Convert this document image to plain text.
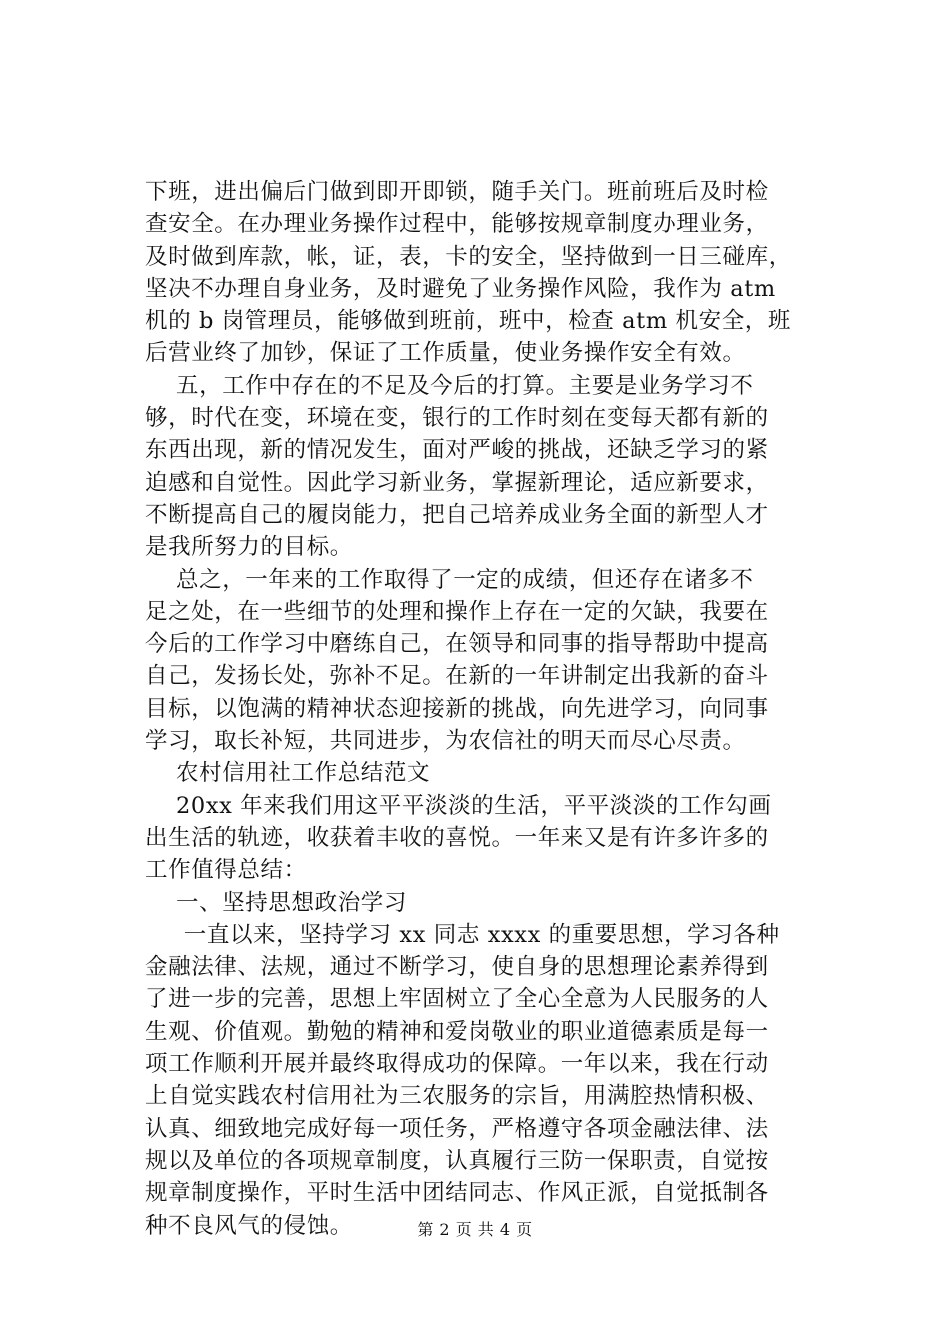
下班，进出偏后门做到即开即锁，随手关门。班前班后及时检
查安全。在办理业务操作过程中，能够按规章制度办理业务，
及时做到库款，帐，证，表，卡的安全，坚持做到一日三碰库，
坚决不办理自身业务，及时避免了业务操作风险，我作为 atm
机的 b 岗管理员，能够做到班前，班中，检查 atm 机安全，班
后营业终了加钞，保证了工作质量，使业务操作安全有效。
五，工作中存在的不足及今后的打算。主要是业务学习不
够，时代在变，环境在变，银行的工作时刻在变每天都有新的
东西出现，新的情况发生，面对严峻的挑战，还缺乏学习的紧
迫感和自觉性。因此学习新业务，掌握新理论，适应新要求，
不断提高自己的履岗能力，把自己培养成业务全面的新型人才
是我所努力的目标。
总之，一年来的工作取得了一定的成绩，但还存在诸多不
足之处，在一些细节的处理和操作上存在一定的欠缺，我要在
今后的工作学习中磨练自己，在领导和同事的指导帮助中提高
自己，发扬长处，弥补不足。在新的一年讲制定出我新的奋斗
目标，以饱满的精神状态迎接新的挑战，向先进学习，向同事
学习，取长补短，共同进步，为农信社的明天而尽心尽责。
农村信用社工作总结范文
20xx 年来我们用这平平淡淡的生活，平平淡淡的工作勾画
出生活的轨迹，收获着丰收的喜悦。一年来又是有许多许多的
工作值得总结：
一、坚持思想政治学习
一直以来，坚持学习 xx 同志 xxxx 的重要思想，学习各种
金融法律、法规，通过不断学习，使自身的思想理论素养得到
了进一步的完善，思想上牢固树立了全心全意为人民服务的人
生观、价值观。勤勉的精神和爱岗敬业的职业道德素质是每一
项工作顺利开展并最终取得成功的保障。一年以来，我在行动
上自觉实践农村信用社为三农服务的宗旨，用满腔热情积极、
认真、细致地完成好每一项任务，严格遵守各项金融法律、法
规以及单位的各项规章制度，认真履行三防一保职责，自觉按
规章制度操作，平时生活中团结同志、作风正派，自觉抵制各
种不良风气的侵蚀。	第 2 页 共 4 页
